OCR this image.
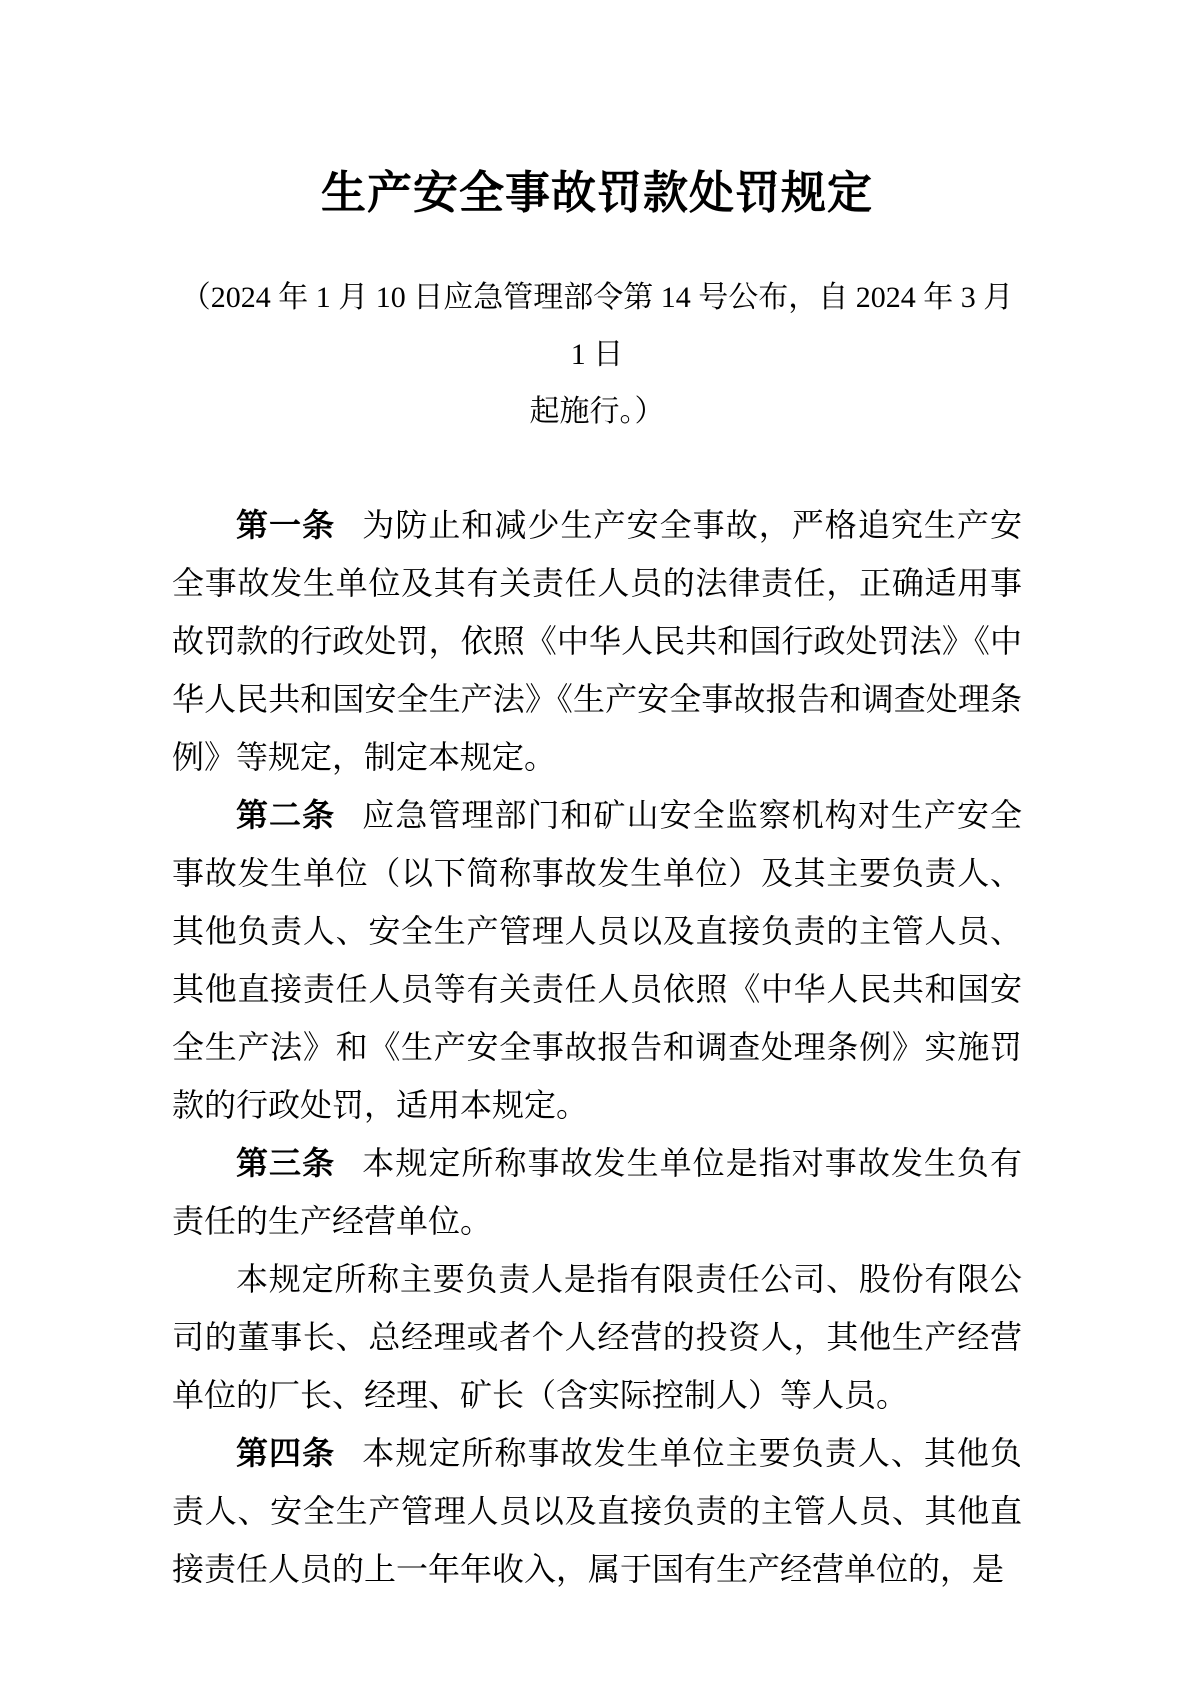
生产安全事故罚款处罚规定
（2024 年 1 月 10 日应急管理部令第 14 号公布，自 2024 年 3 月 1 日
起施行。）

第一条 为防止和减少生产安全事故，严格追究生产安全事故发生单位及其有关责任人员的法律责任，正确适用事故罚款的行政处罚，依照《中华人民共和国行政处罚法》《中华人民共和国安全生产法》《生产安全事故报告和调查处理条例》等规定，制定本规定。

第二条 应急管理部门和矿山安全监察机构对生产安全事故发生单位（以下简称事故发生单位）及其主要负责人、其他负责人、安全生产管理人员以及直接负责的主管人员、其他直接责任人员等有关责任人员依照《中华人民共和国安全生产法》和《生产安全事故报告和调查处理条例》实施罚款的行政处罚，适用本规定。

第三条 本规定所称事故发生单位是指对事故发生负有责任的生产经营单位。

本规定所称主要负责人是指有限责任公司、股份有限公司的董事长、总经理或者个人经营的投资人，其他生产经营单位的厂长、经理、矿长（含实际控制人）等人员。

第四条 本规定所称事故发生单位主要负责人、其他负责人、安全生产管理人员以及直接负责的主管人员、其他直接责任人员的上一年年收入，属于国有生产经营单位的，是
